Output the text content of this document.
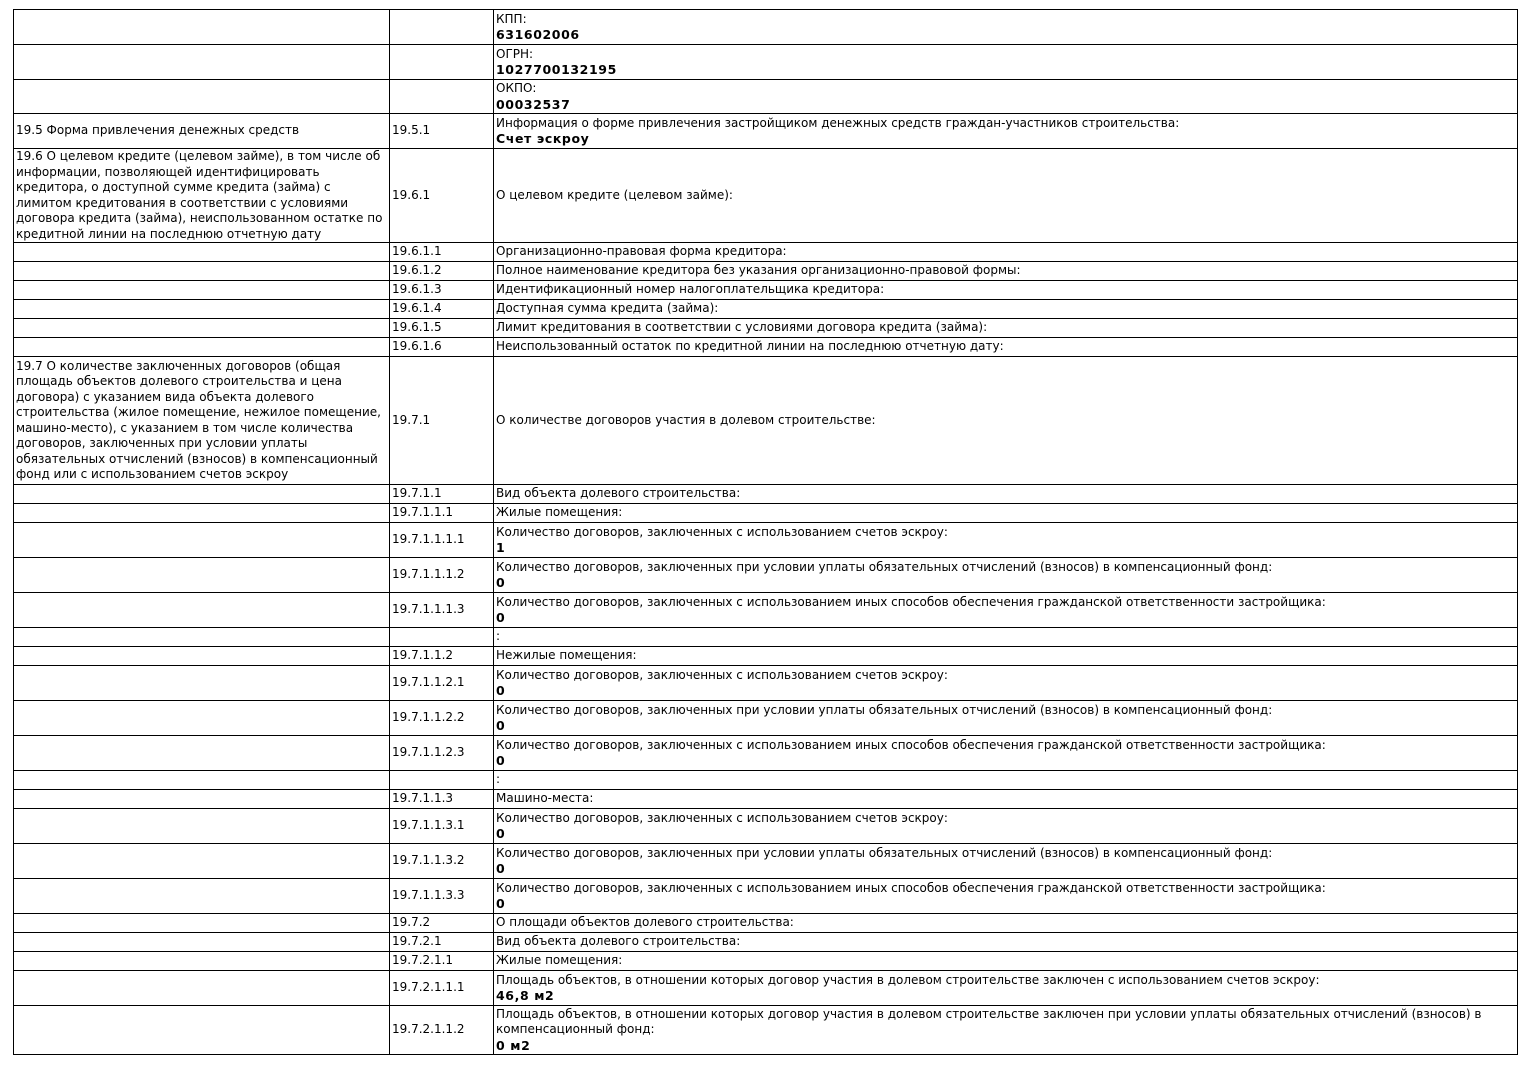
		КПП:
631602006

		ОГРН:
1027700132195

		ОКПО:
00032537

19.5 Форма привлечения денежных средств	19.5.1	Информация о форме привлечения застройщиком денежных средств граждан-участников строительства:
Счет эскроу

19.6 О целевом кредите (целевом займе), в том числе об информации, позволяющей идентифицировать кредитора, о доступной сумме кредита (займа) с лимитом кредитования в соответствии с условиями договора кредита (займа), неиспользованном остатке по кредитной линии на последнюю отчетную дату	19.6.1	О целевом кредите (целевом займе):

	19.6.1.1	Организационно-правовая форма кредитора:

	19.6.1.2	Полное наименование кредитора без указания организационно-правовой формы:

	19.6.1.3	Идентификационный номер налогоплательщика кредитора:

	19.6.1.4	Доступная сумма кредита (займа):

	19.6.1.5	Лимит кредитования в соответствии с условиями договора кредита (займа):

	19.6.1.6	Неиспользованный остаток по кредитной линии на последнюю отчетную дату:

19.7 О количестве заключенных договоров (общая площадь объектов долевого строительства и цена договора) с указанием вида объекта долевого строительства (жилое помещение, нежилое помещение, машино-место), с указанием в том числе количества договоров, заключенных при условии уплаты обязательных отчислений (взносов) в компенсационный фонд или с использованием счетов эскроу	19.7.1	О количестве договоров участия в долевом строительстве:

	19.7.1.1	Вид объекта долевого строительства:

	19.7.1.1.1	Жилые помещения:

	19.7.1.1.1.1	Количество договоров, заключенных с использованием счетов эскроу:
1

	19.7.1.1.1.2	Количество договоров, заключенных при условии уплаты обязательных отчислений (взносов) в компенсационный фонд:
0

	19.7.1.1.1.3	Количество договоров, заключенных с использованием иных способов обеспечения гражданской ответственности застройщика:
0

		:

	19.7.1.1.2	Нежилые помещения:

	19.7.1.1.2.1	Количество договоров, заключенных с использованием счетов эскроу:
0

	19.7.1.1.2.2	Количество договоров, заключенных при условии уплаты обязательных отчислений (взносов) в компенсационный фонд:
0

	19.7.1.1.2.3	Количество договоров, заключенных с использованием иных способов обеспечения гражданской ответственности застройщика:
0

		:

	19.7.1.1.3	Машино-места:

	19.7.1.1.3.1	Количество договоров, заключенных с использованием счетов эскроу:
0

	19.7.1.1.3.2	Количество договоров, заключенных при условии уплаты обязательных отчислений (взносов) в компенсационный фонд:
0

	19.7.1.1.3.3	Количество договоров, заключенных с использованием иных способов обеспечения гражданской ответственности застройщика:
0

	19.7.2	О площади объектов долевого строительства:

	19.7.2.1	Вид объекта долевого строительства:

	19.7.2.1.1	Жилые помещения:

	19.7.2.1.1.1	Площадь объектов, в отношении которых договор участия в долевом строительстве заключен с использованием счетов эскроу:
46,8 м2

	19.7.2.1.1.2	Площадь объектов, в отношении которых договор участия в долевом строительстве заключен при условии уплаты обязательных отчислений (взносов) в компенсационный фонд:
0 м2
